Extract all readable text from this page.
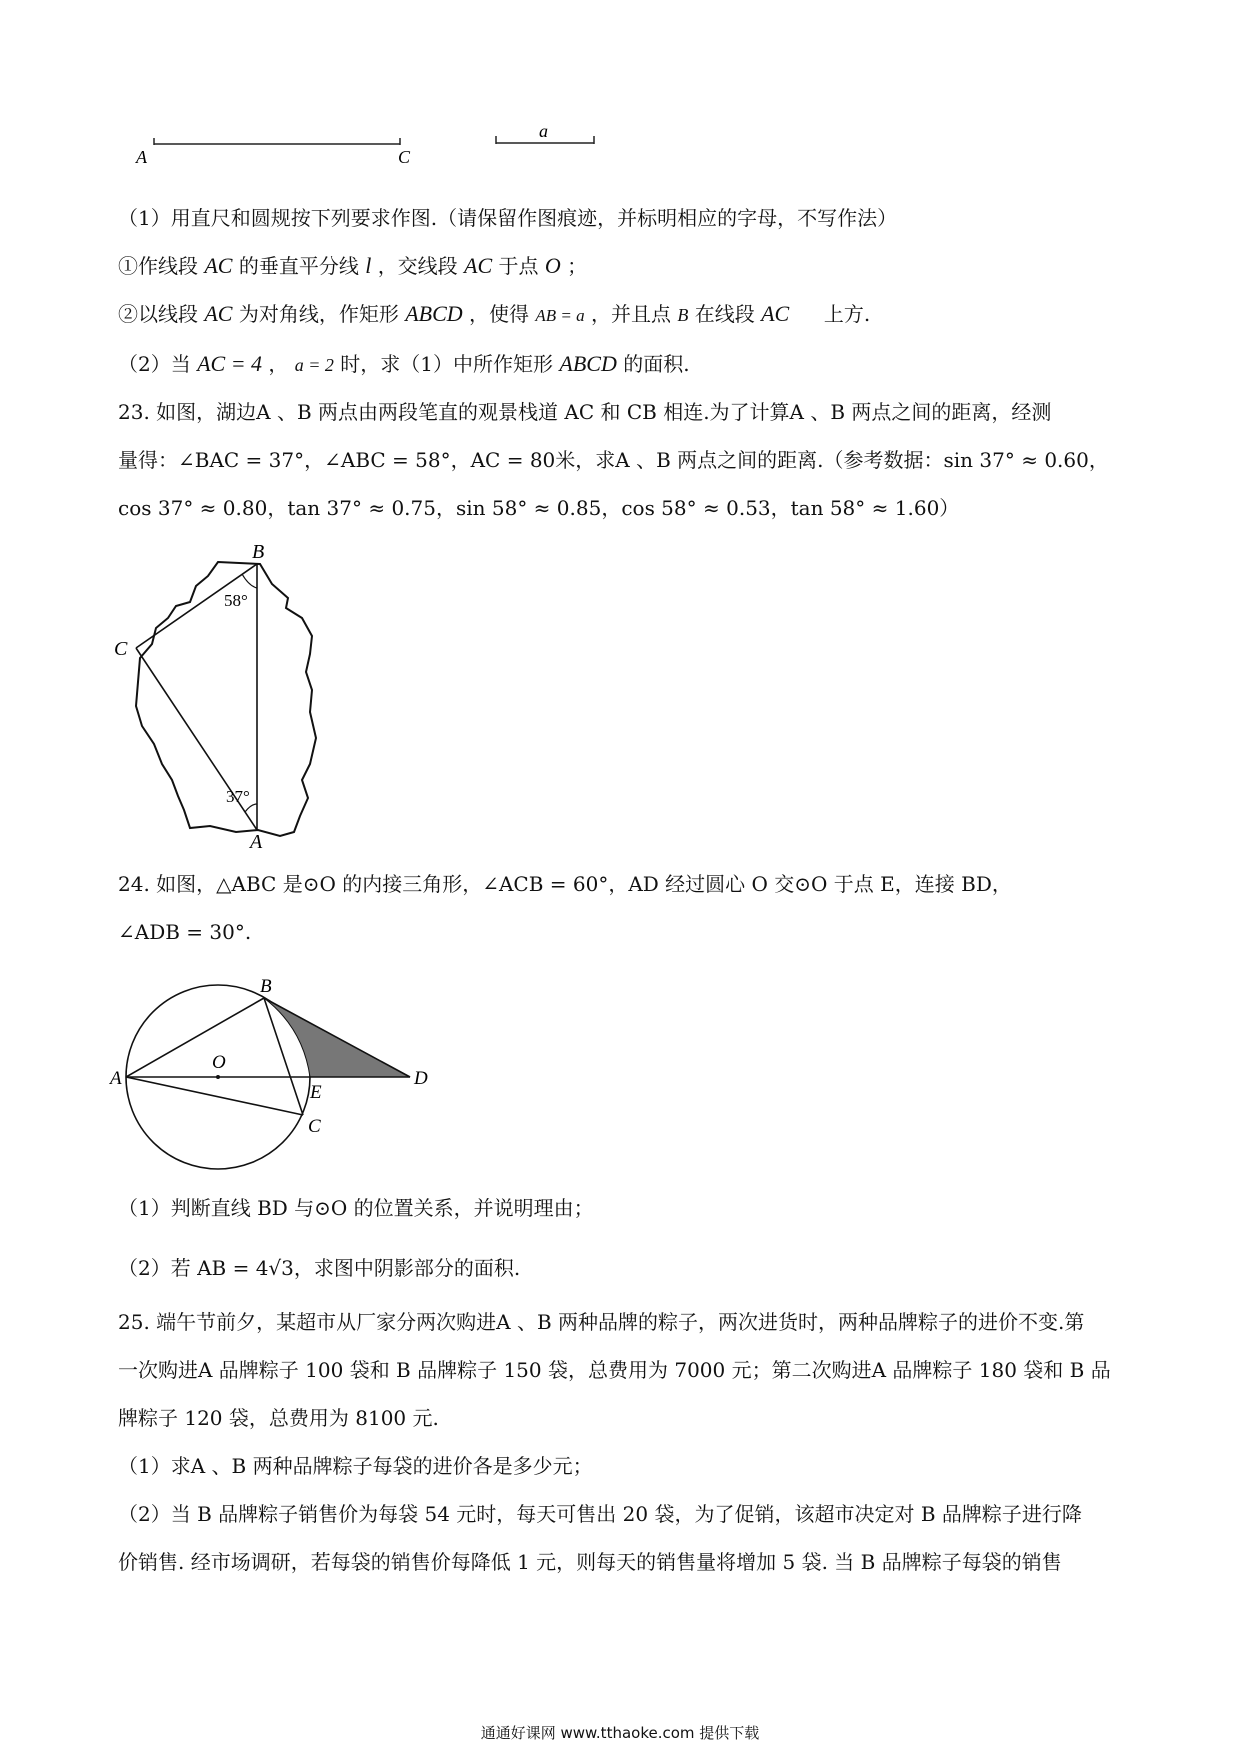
A	C
a
（1）用直尺和圆规按下列要求作图.（请保留作图痕迹，并标明相应的字母，不写作法）
①作线段 AC 的垂直平分线 l ，交线段 AC 于点 O ；
②以线段 AC 为对角线，作矩形 ABCD ，使得 AB = a ，并且点 B 在线段 AC 上方.
（2）当 AC = 4 ， a = 2 时，求（1）中所作矩形 ABCD 的面积.
23. 如图，湖边A 、B 两点由两段笔直的观景栈道 AC 和 CB 相连.为了计算A 、B 两点之间的距离，经测
量得：∠BAC = 37°，∠ABC = 58°，AC = 80米，求A 、B 两点之间的距离.（参考数据：sin 37° ≈ 0.60，
cos 37° ≈ 0.80，tan 37° ≈ 0.75，sin 58° ≈ 0.85，cos 58° ≈ 0.53，tan 58° ≈ 1.60）
B
C
A
58°
37°
24. 如图，△ABC 是⊙O 的内接三角形，∠ACB = 60°，AD 经过圆心 O 交⊙O 于点 E，连接 BD，
∠ADB = 30°.
B
A
O
E
C
D
（1）判断直线 BD 与⊙O 的位置关系，并说明理由；
（2）若 AB = 4√3，求图中阴影部分的面积.
25. 端午节前夕，某超市从厂家分两次购进A 、B 两种品牌的粽子，两次进货时，两种品牌粽子的进价不变.第
一次购进A 品牌粽子 100 袋和 B 品牌粽子 150 袋，总费用为 7000 元；第二次购进A 品牌粽子 180 袋和 B 品
牌粽子 120 袋，总费用为 8100 元.
（1）求A 、B 两种品牌粽子每袋的进价各是多少元；
（2）当 B 品牌粽子销售价为每袋 54 元时，每天可售出 20 袋，为了促销，该超市决定对 B 品牌粽子进行降
价销售. 经市场调研，若每袋的销售价每降低 1 元，则每天的销售量将增加 5 袋. 当 B 品牌粽子每袋的销售
通通好课网 www.tthaoke.com 提供下载
